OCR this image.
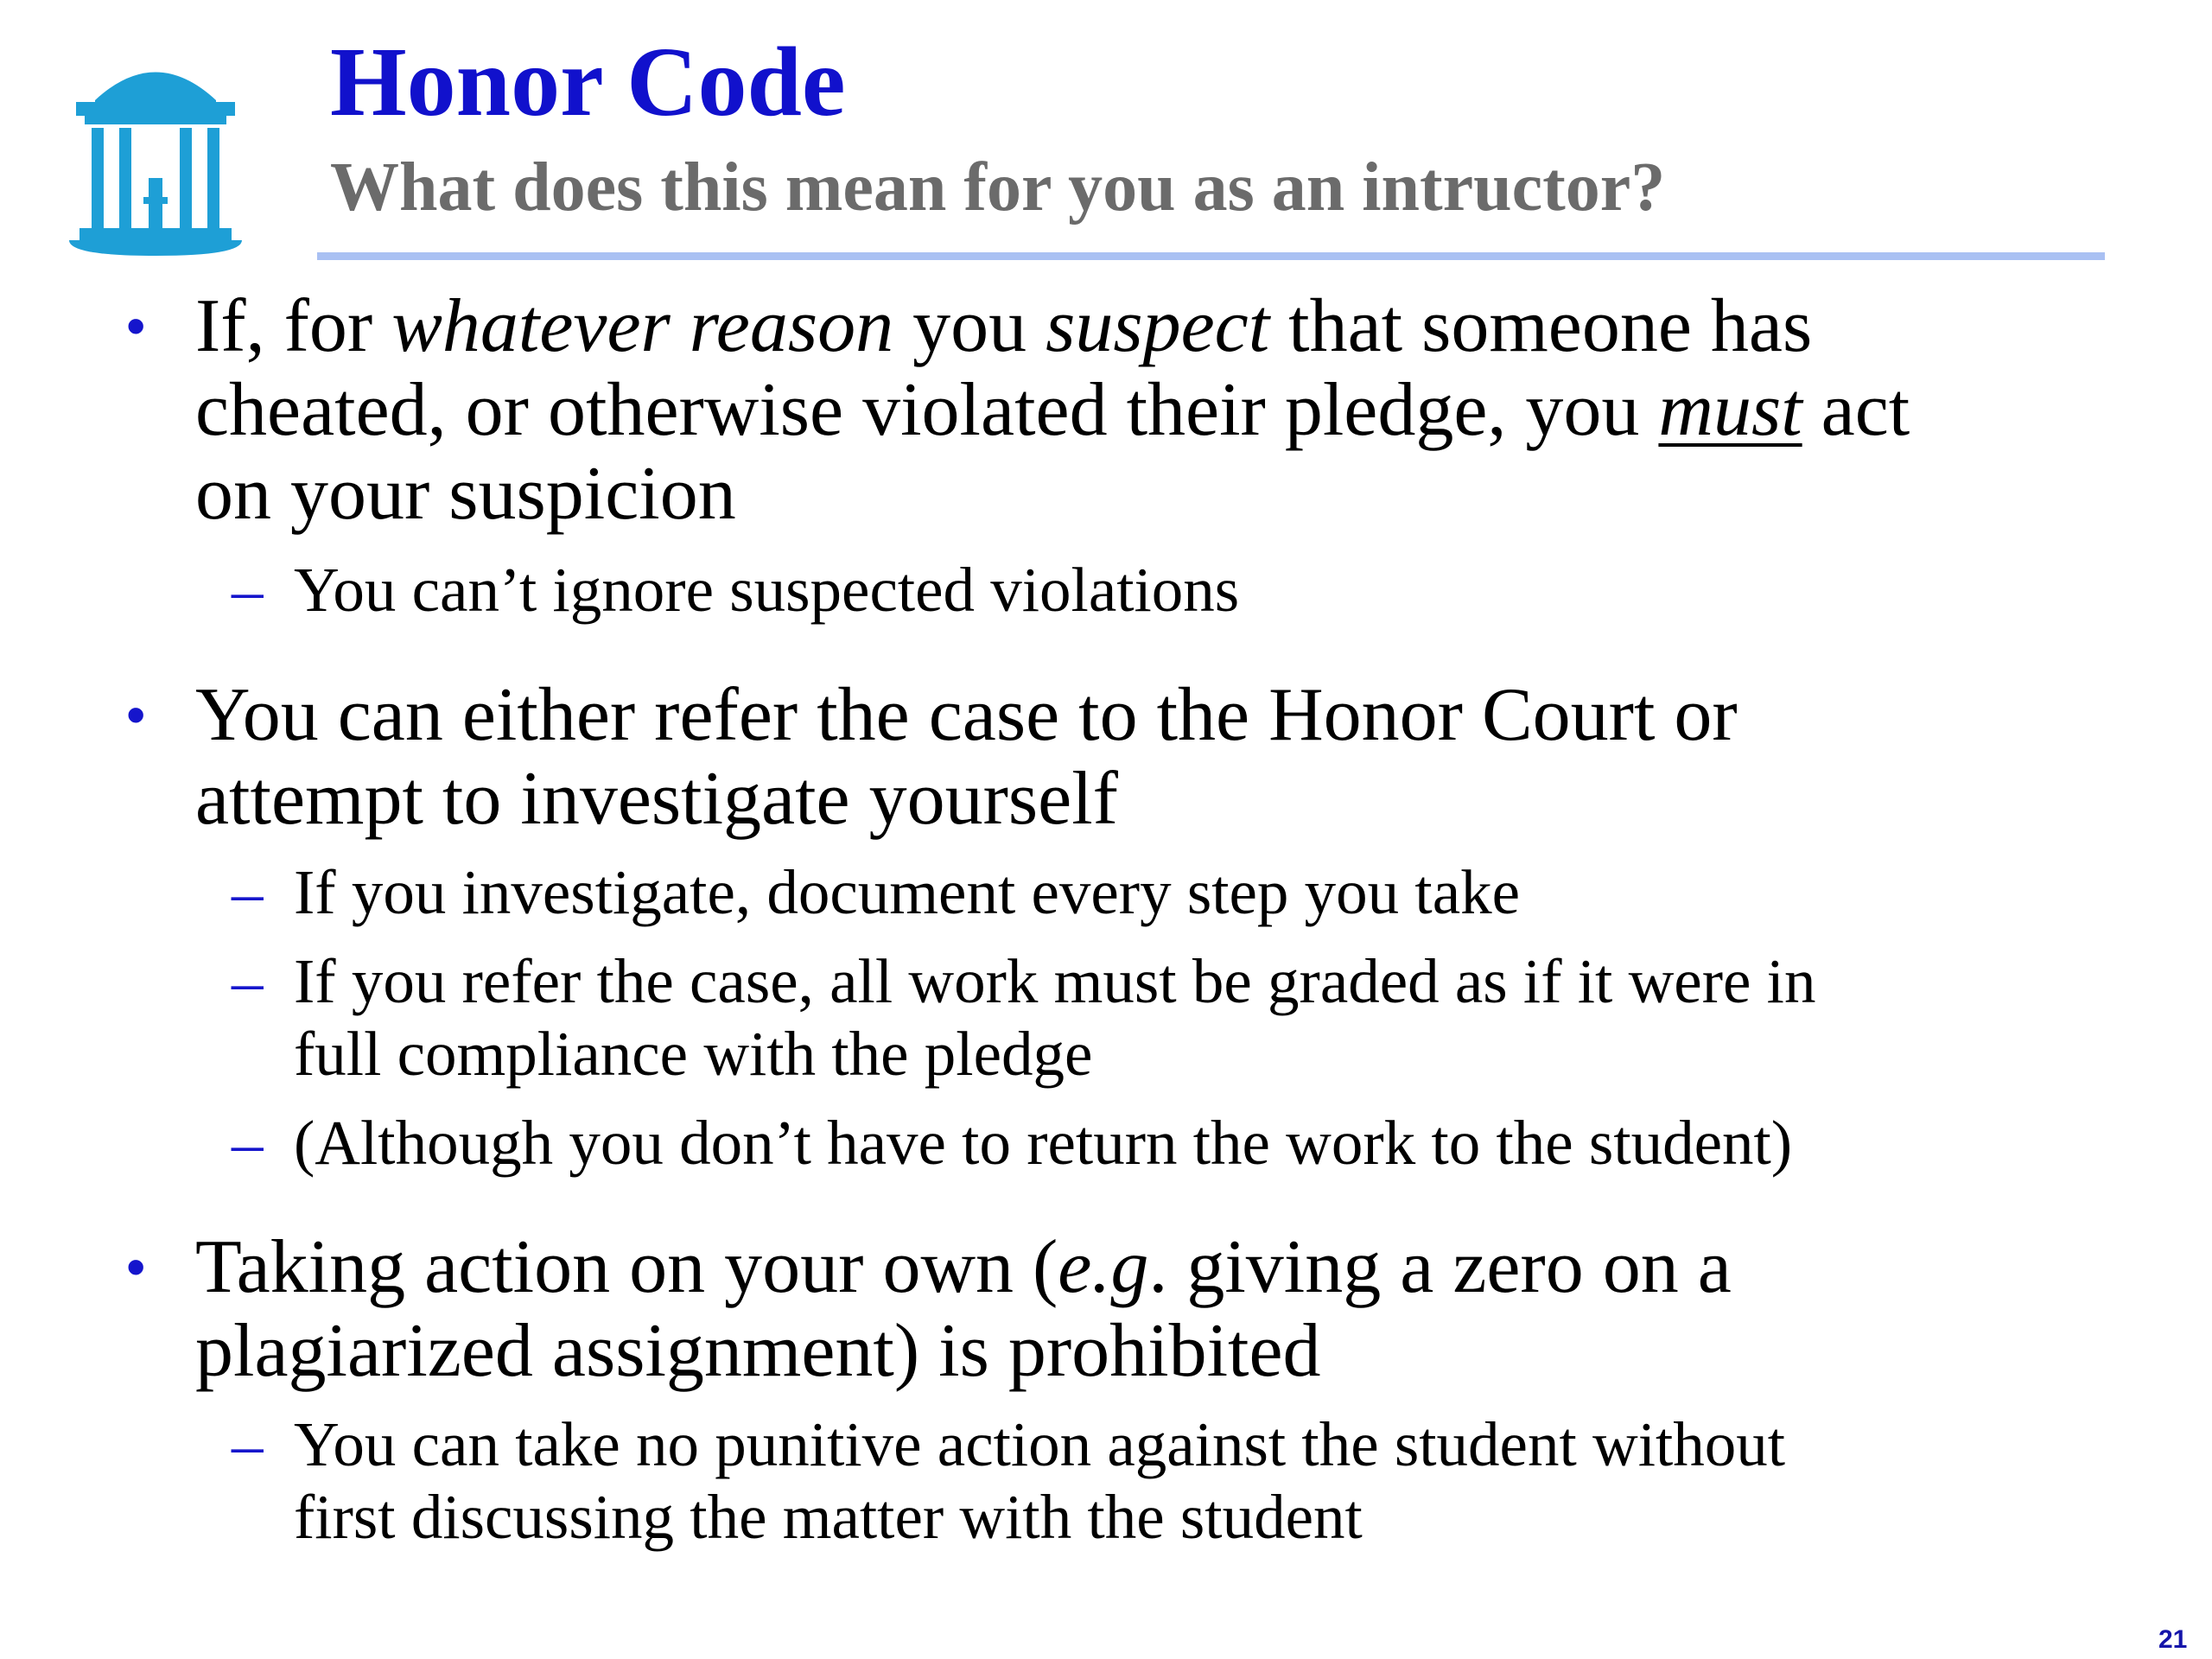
Honor Code
What does this mean for you as an intructor?

• If, for whatever reason you suspect that someone has

cheated, or otherwise violated their pledge, you must act

on your suspicion

– You can’t ignore suspected violations

• You can either refer the case to the Honor Court or

attempt to investigate yourself

– If you investigate, document every step you take

– If you refer the case, all work must be graded as if it were in

full compliance with the pledge

– (Although you don’t have to return the work to the student)

• Taking action on your own (e.g. giving a zero on a

plagiarized assignment) is prohibited

– You can take no punitive action against the student without

first discussing the matter with the student

21
